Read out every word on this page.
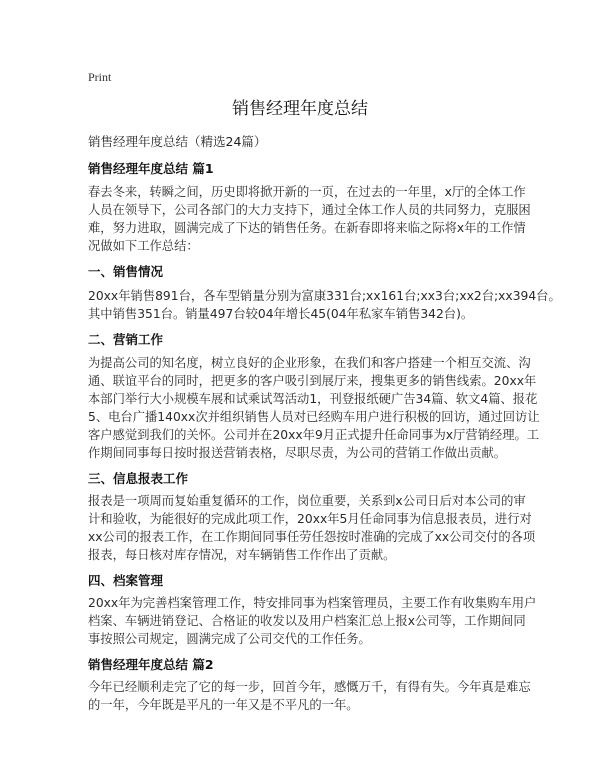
Print
销售经理年度总结
销售经理年度总结（精选24篇）
销售经理年度总结 篇1
春去冬来，转瞬之间，历史即将掀开新的一页，在过去的一年里，x厅的全体工作
人员在领导下，公司各部门的大力支持下，通过全体工作人员的共同努力，克服困
难，努力进取，圆满完成了下达的销售任务。在新春即将来临之际将x年的工作情
况做如下工作总结：
一、销售情况
20xx年销售891台，各车型销量分别为富康331台;xx161台;xx3台;xx2台;xx394台。
其中销售351台。销量497台较04年增长45(04年私家车销售342台)。
二、营销工作
为提高公司的知名度，树立良好的企业形象，在我们和客户搭建一个相互交流、沟
通、联谊平台的同时，把更多的客户吸引到展厅来，搜集更多的销售线索。20xx年
本部门举行大小规模车展和试乘试驾活动1，刊登报纸硬广告34篇、软文4篇、报花
5、电台广播140xx次并组织销售人员对已经购车用户进行积极的回访，通过回访让
客户感觉到我们的关怀。公司并在20xx年9月正式提升任命同事为x厅营销经理。工
作期间同事每日按时报送营销表格，尽职尽责，为公司的营销工作做出贡献。
三、信息报表工作
报表是一项周而复始重复循环的工作，岗位重要，关系到x公司日后对本公司的审
计和验收，为能很好的完成此项工作，20xx年5月任命同事为信息报表员，进行对
xx公司的报表工作，在工作期间同事任劳任怨按时准确的完成了xx公司交付的各项
报表，每日核对库存情况，对车辆销售工作作出了贡献。
四、档案管理
20xx年为完善档案管理工作，特安排同事为档案管理员，主要工作有收集购车用户
档案、车辆进销登记、合格证的收发以及用户档案汇总上报x公司等，工作期间同
事按照公司规定，圆满完成了公司交代的工作任务。
销售经理年度总结 篇2
今年已经顺利走完了它的每一步，回首今年，感慨万千，有得有失。今年真是难忘
的一年，今年既是平凡的一年又是不平凡的一年。
